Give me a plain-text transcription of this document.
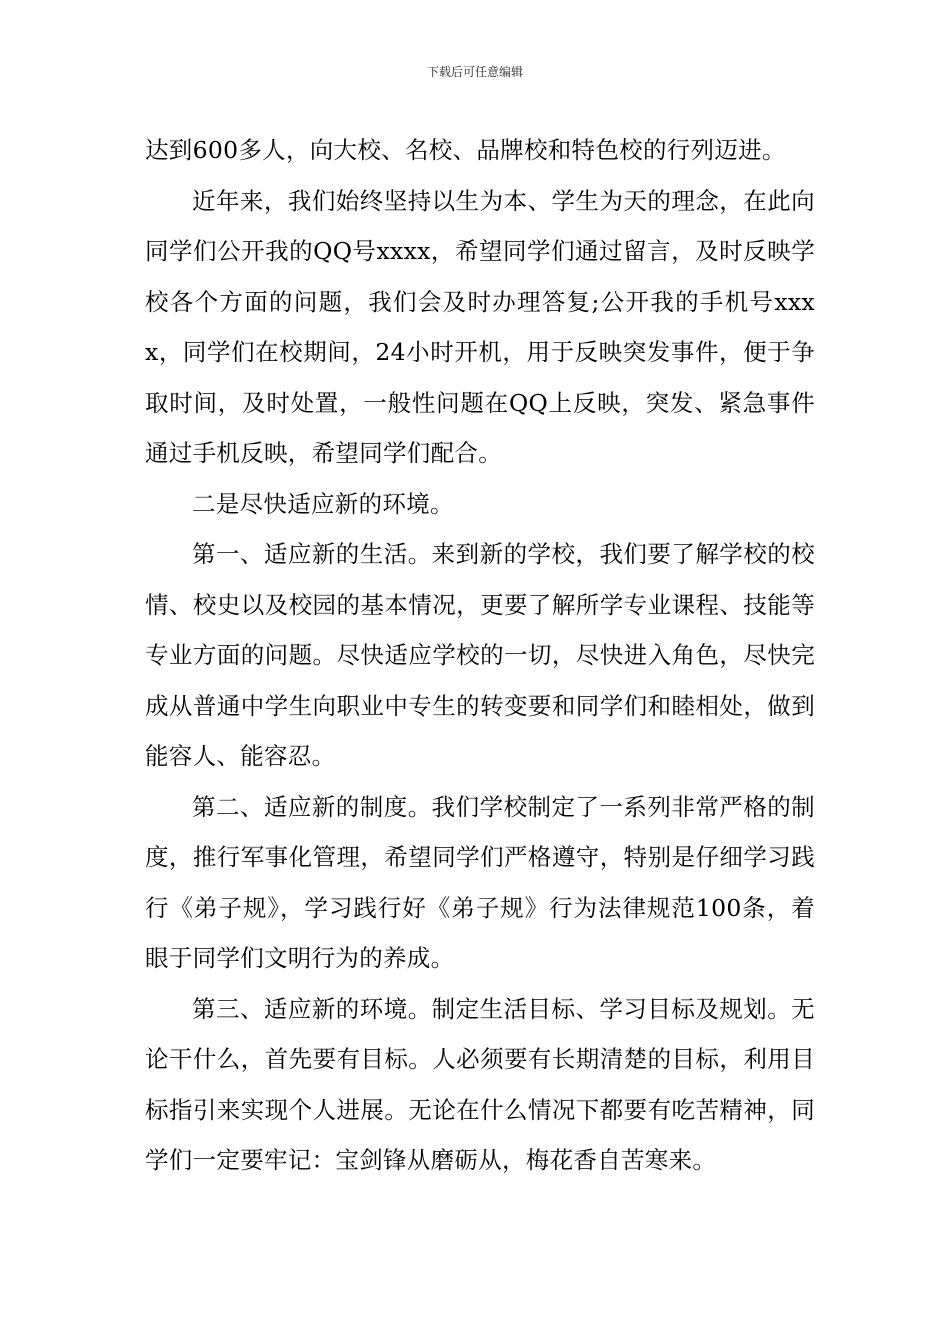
下载后可任意编辑

达到600多人，向大校、名校、品牌校和特色校的行列迈进。

近年来，我们始终坚持以生为本、学生为天的理念，在此向同学们公开我的QQ号xxxx，希望同学们通过留言，及时反映学校各个方面的问题，我们会及时办理答复;公开我的手机号xxxx，同学们在校期间，24小时开机，用于反映突发事件，便于争取时间，及时处置，一般性问题在QQ上反映，突发、紧急事件通过手机反映，希望同学们配合。

二是尽快适应新的环境。

第一、适应新的生活。来到新的学校，我们要了解学校的校情、校史以及校园的基本情况，更要了解所学专业课程、技能等专业方面的问题。尽快适应学校的一切，尽快进入角色，尽快完成从普通中学生向职业中专生的转变要和同学们和睦相处，做到能容人、能容忍。

第二、适应新的制度。我们学校制定了一系列非常严格的制度，推行军事化管理，希望同学们严格遵守，特别是仔细学习践行《弟子规》，学习践行好《弟子规》行为法律规范100条，着眼于同学们文明行为的养成。

第三、适应新的环境。制定生活目标、学习目标及规划。无论干什么，首先要有目标。人必须要有长期清楚的目标，利用目标指引来实现个人进展。无论在什么情况下都要有吃苦精神，同学们一定要牢记：宝剑锋从磨砺从，梅花香自苦寒来。
